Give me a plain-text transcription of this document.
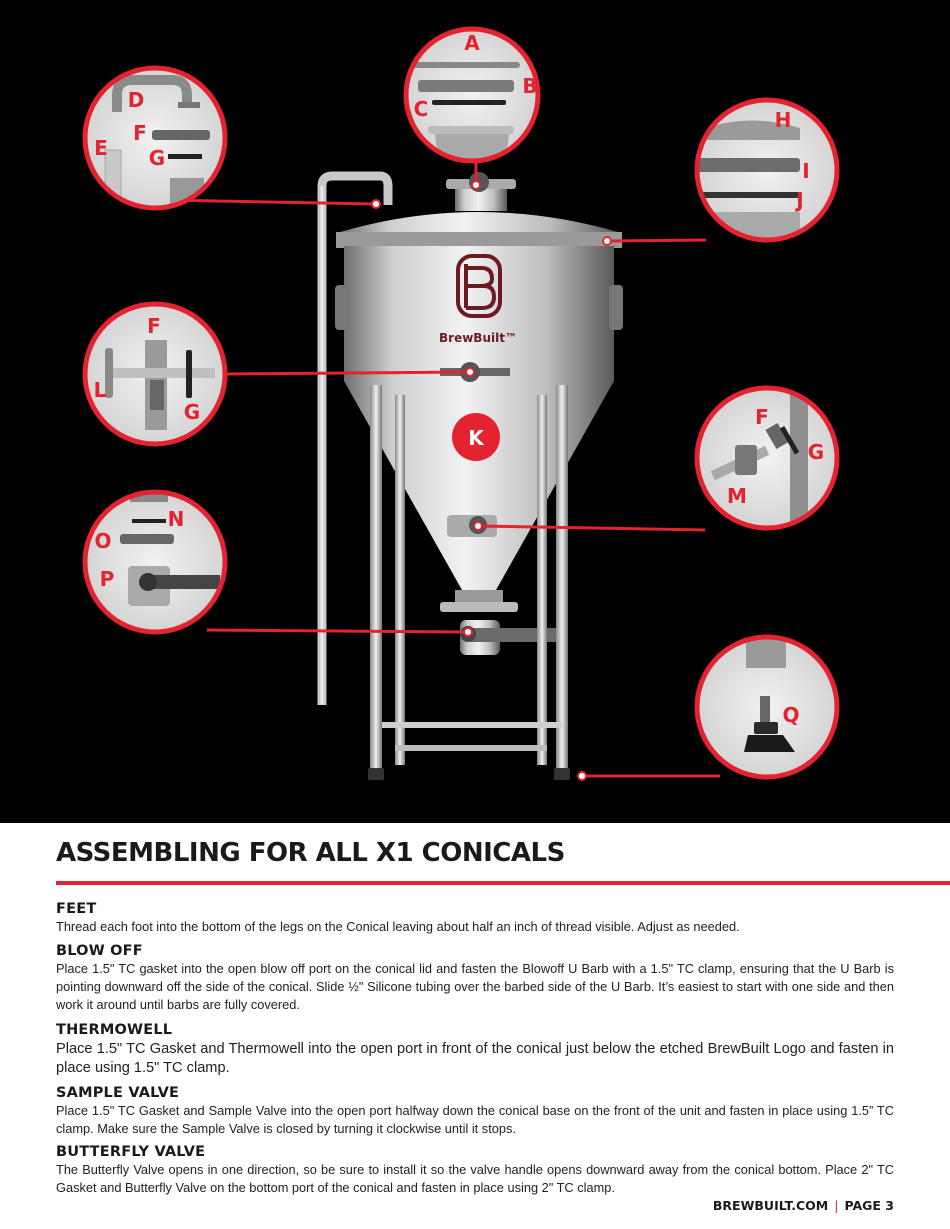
BrewBuilt™
K
A
B
C
D
F
E G
H
I
J
F
L
G	F
G
M
N
O
P
Q
ASSEMBLING FOR ALL X1 CONICALS
FEET

Thread each foot into the bottom of the legs on the Conical leaving about half an inch of thread visible. Adjust as needed.

BLOW OFF

Place 1.5" TC gasket into the open blow off port on the conical lid and fasten the Blowoff U Barb with a 1.5" TC clamp, ensuring that the U Barb is pointing downward off the side of the conical. Slide ½" Silicone tubing over the barbed side of the U Barb. It’s easiest to start with one side and then work it around until barbs are fully covered.

THERMOWELL

Place 1.5" TC Gasket and Thermowell into the open port in front of the conical just below the etched BrewBuilt Logo and fasten in place using 1.5" TC clamp.

SAMPLE VALVE

Place 1.5" TC Gasket and Sample Valve into the open port halfway down the conical base on the front of the unit and fasten in place using 1.5” TC clamp. Make sure the Sample Valve is closed by turning it clockwise until it stops.

BUTTERFLY VALVE

The Butterfly Valve opens in one direction, so be sure to install it so the valve handle opens downward away from the conical bottom. Place 2" TC Gasket and Butterfly Valve on the bottom port of the conical and fasten in place using 2" TC clamp.

BREWBUILT.COM | PAGE 3
